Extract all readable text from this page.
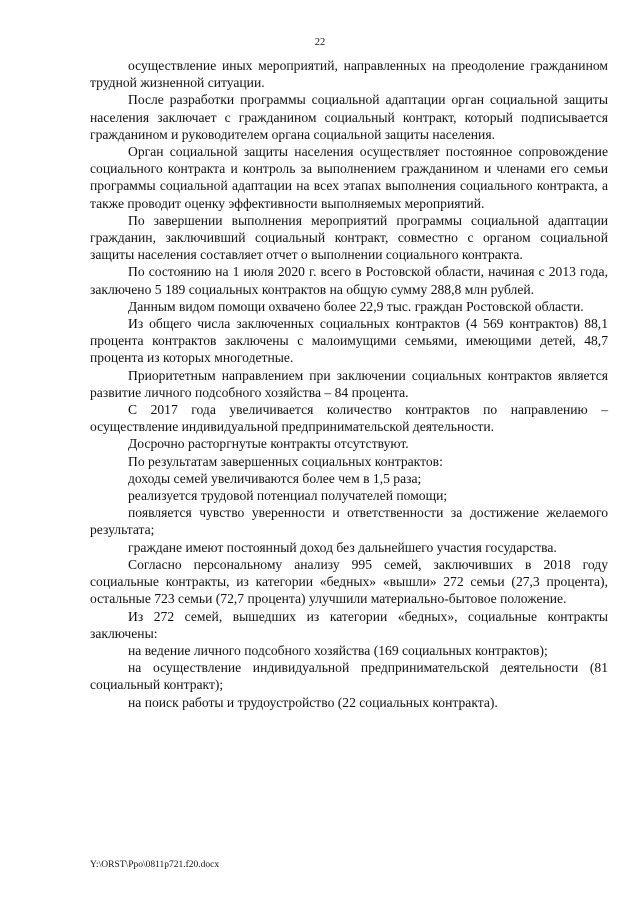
22

осуществление иных мероприятий, направленных на преодоление гражданином трудной жизненной ситуации.

После разработки программы социальной адаптации орган социальной защиты населения заключает с гражданином социальный контракт, который подписывается гражданином и руководителем органа социальной защиты населения.

Орган социальной защиты населения осуществляет постоянное сопровождение социального контракта и контроль за выполнением гражданином и членами его семьи программы социальной адаптации на всех этапах выполнения социального контракта, а также проводит оценку эффективности выполняемых мероприятий.

По завершении выполнения мероприятий программы социальной адаптации гражданин, заключивший социальный контракт, совместно с органом социальной защиты населения составляет отчет о выполнении социального контракта.

По состоянию на 1 июля 2020 г. всего в Ростовской области, начиная с 2013 года, заключено 5 189 социальных контрактов на общую сумму 288,8 млн рублей.

Данным видом помощи охвачено более 22,9 тыс. граждан Ростовской области.

Из общего числа заключенных социальных контрактов (4 569 контрактов) 88,1 процента контрактов заключены с малоимущими семьями, имеющими детей, 48,7 процента из которых многодетные.

Приоритетным направлением при заключении социальных контрактов является развитие личного подсобного хозяйства – 84 процента.

С 2017 года увеличивается количество контрактов по направлению – осуществление индивидуальной предпринимательской деятельности.

Досрочно расторгнутые контракты отсутствуют.

По результатам завершенных социальных контрактов:

доходы семей увеличиваются более чем в 1,5 раза;

реализуется трудовой потенциал получателей помощи;

появляется чувство уверенности и ответственности за достижение желаемого результата;

граждане имеют постоянный доход без дальнейшего участия государства.

Согласно персональному анализу 995 семей, заключивших в 2018 году социальные контракты, из категории «бедных» «вышли» 272 семьи (27,3 процента), остальные 723 семьи (72,7 процента) улучшили материально-бытовое положение.

Из 272 семей, вышедших из категории «бедных», социальные контракты заключены:

на ведение личного подсобного хозяйства (169 социальных контрактов);

на осуществление индивидуальной предпринимательской деятельности (81 социальный контракт);

на поиск работы и трудоустройство (22 социальных контракта).

Y:\ORST\Ppo\0811p721.f20.docx
